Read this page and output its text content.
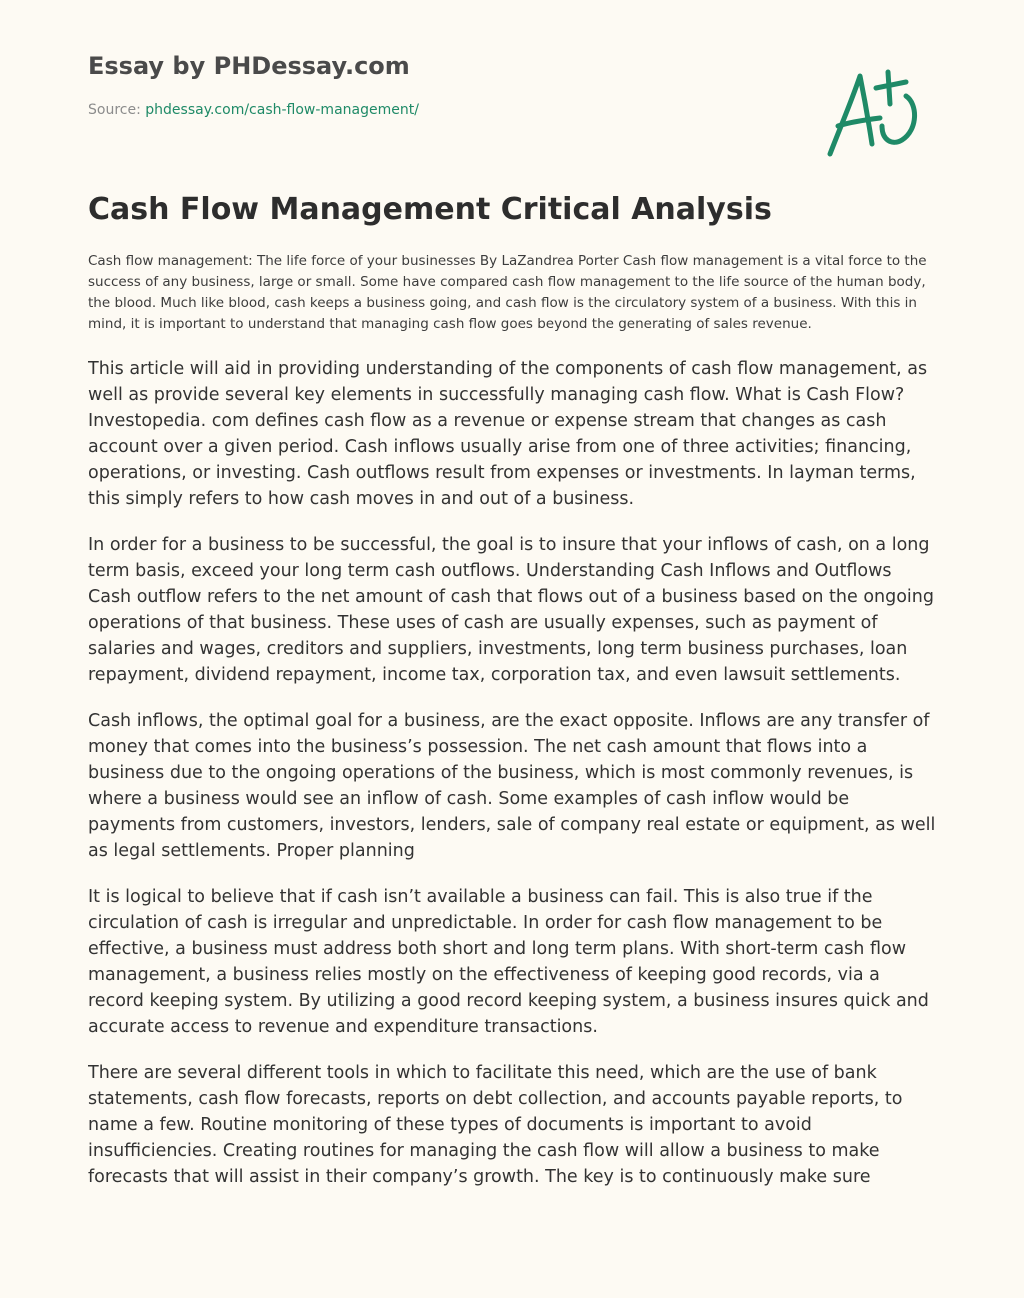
Essay by PHDessay.com
Source: phdessay.com/cash-flow-management/
Cash Flow Management Critical Analysis

Cash flow management: The life force of your businesses By LaZandrea Porter Cash flow management is a vital force to the success of any business, large or small. Some have compared cash flow management to the life source of the human body, the blood. Much like blood, cash keeps a business going, and cash flow is the circulatory system of a business. With this in mind, it is important to understand that managing cash flow goes beyond the generating of sales revenue.

This article will aid in providing understanding of the components of cash flow management, as well as provide several key elements in successfully managing cash flow. What is Cash Flow? Investopedia. com defines cash flow as a revenue or expense stream that changes as cash account over a given period. Cash inflows usually arise from one of three activities; financing, operations, or investing. Cash outflows result from expenses or investments. In layman terms, this simply refers to how cash moves in and out of a business.

In order for a business to be successful, the goal is to insure that your inflows of cash, on a long term basis, exceed your long term cash outflows. Understanding Cash Inflows and Outflows Cash outflow refers to the net amount of cash that flows out of a business based on the ongoing operations of that business. These uses of cash are usually expenses, such as payment of salaries and wages, creditors and suppliers, investments, long term business purchases, loan repayment, dividend repayment, income tax, corporation tax, and even lawsuit settlements.

Cash inflows, the optimal goal for a business, are the exact opposite. Inflows are any transfer of money that comes into the business’s possession. The net cash amount that flows into a business due to the ongoing operations of the business, which is most commonly revenues, is where a business would see an inflow of cash. Some examples of cash inflow would be payments from customers, investors, lenders, sale of company real estate or equipment, as well as legal settlements. Proper planning

It is logical to believe that if cash isn’t available a business can fail. This is also true if the circulation of cash is irregular and unpredictable. In order for cash flow management to be effective, a business must address both short and long term plans. With short-term cash flow management, a business relies mostly on the effectiveness of keeping good records, via a record keeping system. By utilizing a good record keeping system, a business insures quick and accurate access to revenue and expenditure transactions.

There are several different tools in which to facilitate this need, which are the use of bank statements, cash flow forecasts, reports on debt collection, and accounts payable reports, to name a few. Routine monitoring of these types of documents is important to avoid insufficiencies. Creating routines for managing the cash flow will allow a business to make forecasts that will assist in their company’s growth. The key is to continuously make sure
